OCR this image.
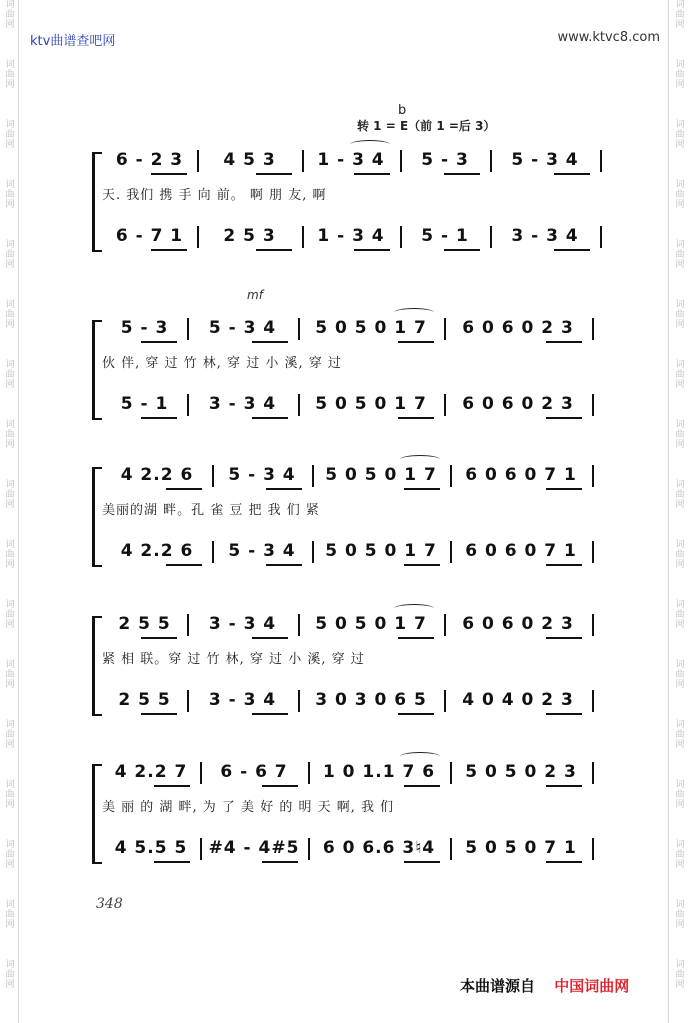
词
曲
网
词
曲
网
词
曲
网
词
曲
网
词
曲
网
词
曲
网
词
曲
网
词
曲
网
词
曲
网
词
曲
网
词
曲
网
词
曲
网
词
曲
网
词
曲
网
词
曲
网
词
曲
网
词
曲
网
词
曲
网
词
曲
网
词
曲
网
词
曲
网
词
曲
网
词
曲
网
词
曲
网
词
曲
网
词
曲
网
词
曲
网
词
曲
网
词
曲
网
词
曲
网
词
曲
网
词
曲
网
词
曲
网
词
曲
网
ktv曲谱查吧网	www.ktvc8.com
转 1 = E（前 1 =后 3）
b
mf
6 - 2 3	4 5 3	1 - 3 4	5 - 3	5 - 3 4
6 - 7 1	2 5 3	1 - 3 4	5 - 1	3 - 3 4
天. 我们 携 手 向 前。 啊 朋 友, 啊
5 - 3	5 - 3 4	5 0 5 0 1 7	6 0 6 0 2 3
5 - 1	3 - 3 4	5 0 5 0 1 7	6 0 6 0 2 3
伙 伴, 穿 过 竹 林, 穿 过 小 溪, 穿 过
4 2.2 6	5 - 3 4	5 0 5 0 1 7	6 0 6 0 7 1
4 2.2 6	5 - 3 4	5 0 5 0 1 7	6 0 6 0 7 1
美丽的湖 畔。孔 雀 豆 把 我 们 紧
2 5 5	3 - 3 4	5 0 5 0 1 7	6 0 6 0 2 3
2 5 5	3 - 3 4	3 0 3 0 6 5	4 0 4 0 2 3
紧 相 联。穿 过 竹 林, 穿 过 小 溪, 穿 过
4 2.2 7	6 - 6 7	1 0 1.1 7 6	5 0 5 0 2 3
4 5.5 5	#4 - 4#5	6 0 6.6 3♮4	5 0 5 0 7 1
美 丽 的 湖 畔, 为 了 美 好 的 明 天 啊, 我 们
348
本曲谱源自 中国词曲网
